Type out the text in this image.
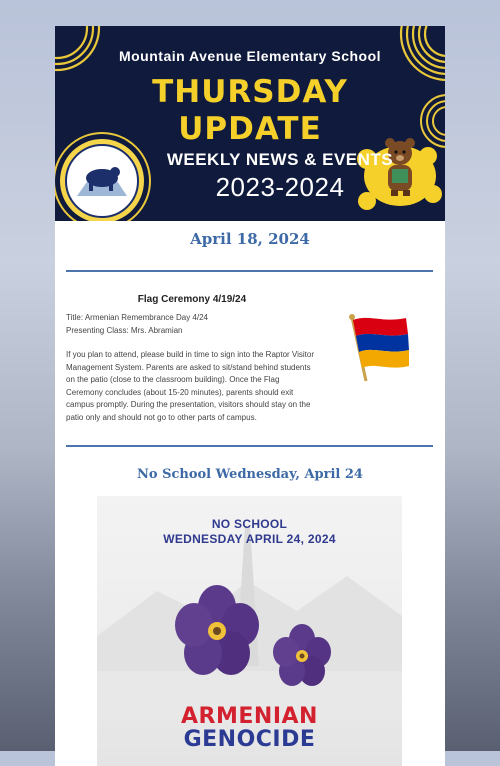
Mountain Avenue Elementary School
THURSDAY
UPDATE
WEEKLY NEWS & EVENTS
2023-2024
April 18, 2024
Flag Ceremony 4/19/24
Title: Armenian Remembrance Day 4/24
Presenting Class: Mrs. Abramian
If you plan to attend, please build in time to sign into the Raptor Visitor Management System. Parents are asked to sit/stand behind students on the patio (close to the classroom building). Once the Flag Ceremony concludes (about 15-20 minutes), parents should exit campus promptly. During the presentation, visitors should stay on the patio only and should not go to other parts of campus.
No School Wednesday, April 24
NO SCHOOL
WEDNESDAY APRIL 24, 2024
ARMENIAN
GENOCIDE
